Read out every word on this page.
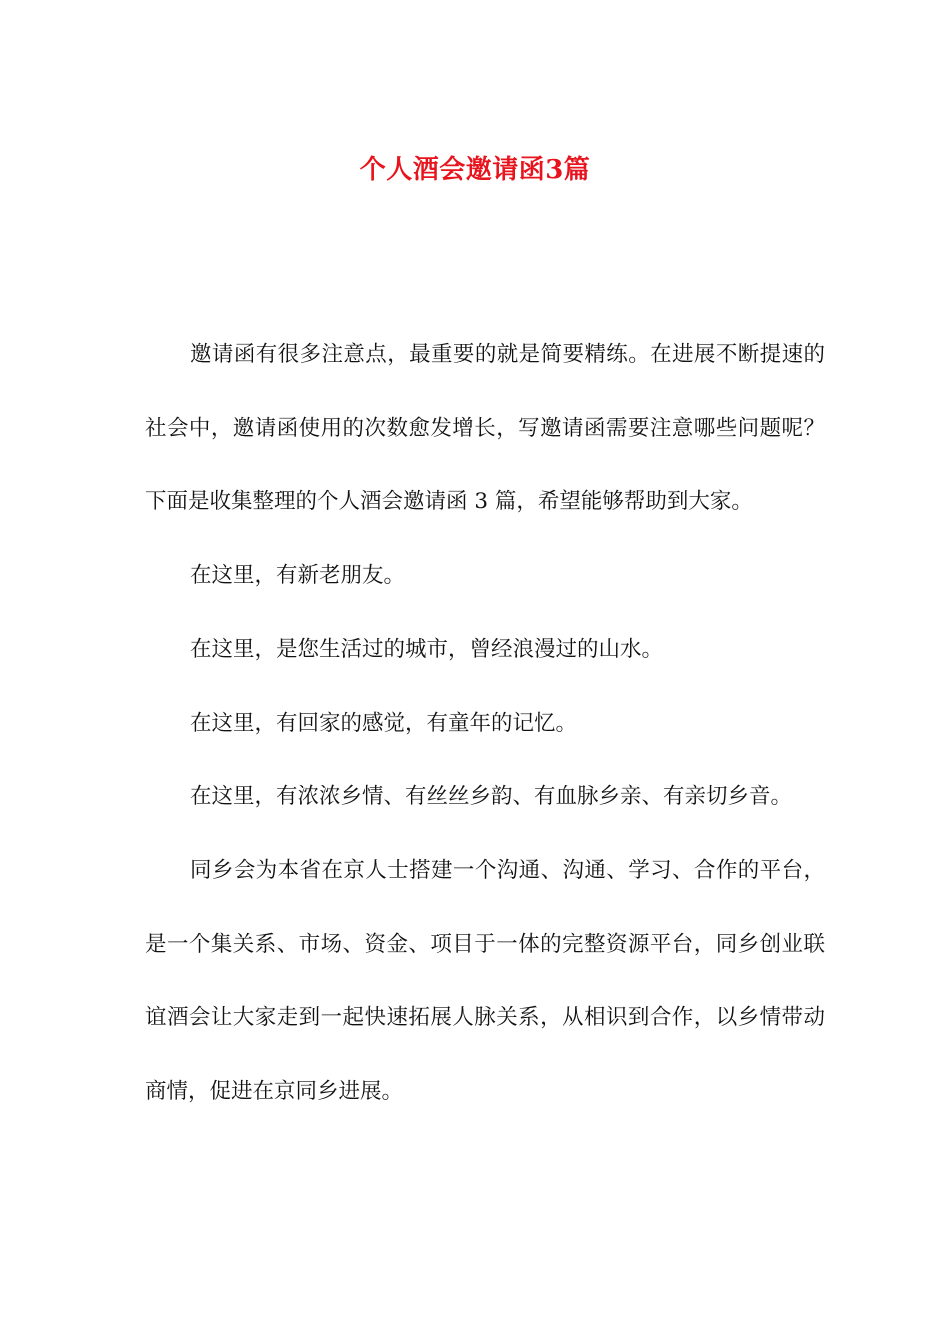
个人酒会邀请函3篇

邀请函有很多注意点，最重要的就是简要精练。在进展不断提速的社会中，邀请函使用的次数愈发增长，写邀请函需要注意哪些问题呢？下面是收集整理的个人酒会邀请函 3 篇，希望能够帮助到大家。

在这里，有新老朋友。

在这里，是您生活过的城市，曾经浪漫过的山水。

在这里，有回家的感觉，有童年的记忆。

在这里，有浓浓乡情、有丝丝乡韵、有血脉乡亲、有亲切乡音。

同乡会为本省在京人士搭建一个沟通、沟通、学习、合作的平台，是一个集关系、市场、资金、项目于一体的完整资源平台，同乡创业联谊酒会让大家走到一起快速拓展人脉关系，从相识到合作，以乡情带动商情，促进在京同乡进展。
